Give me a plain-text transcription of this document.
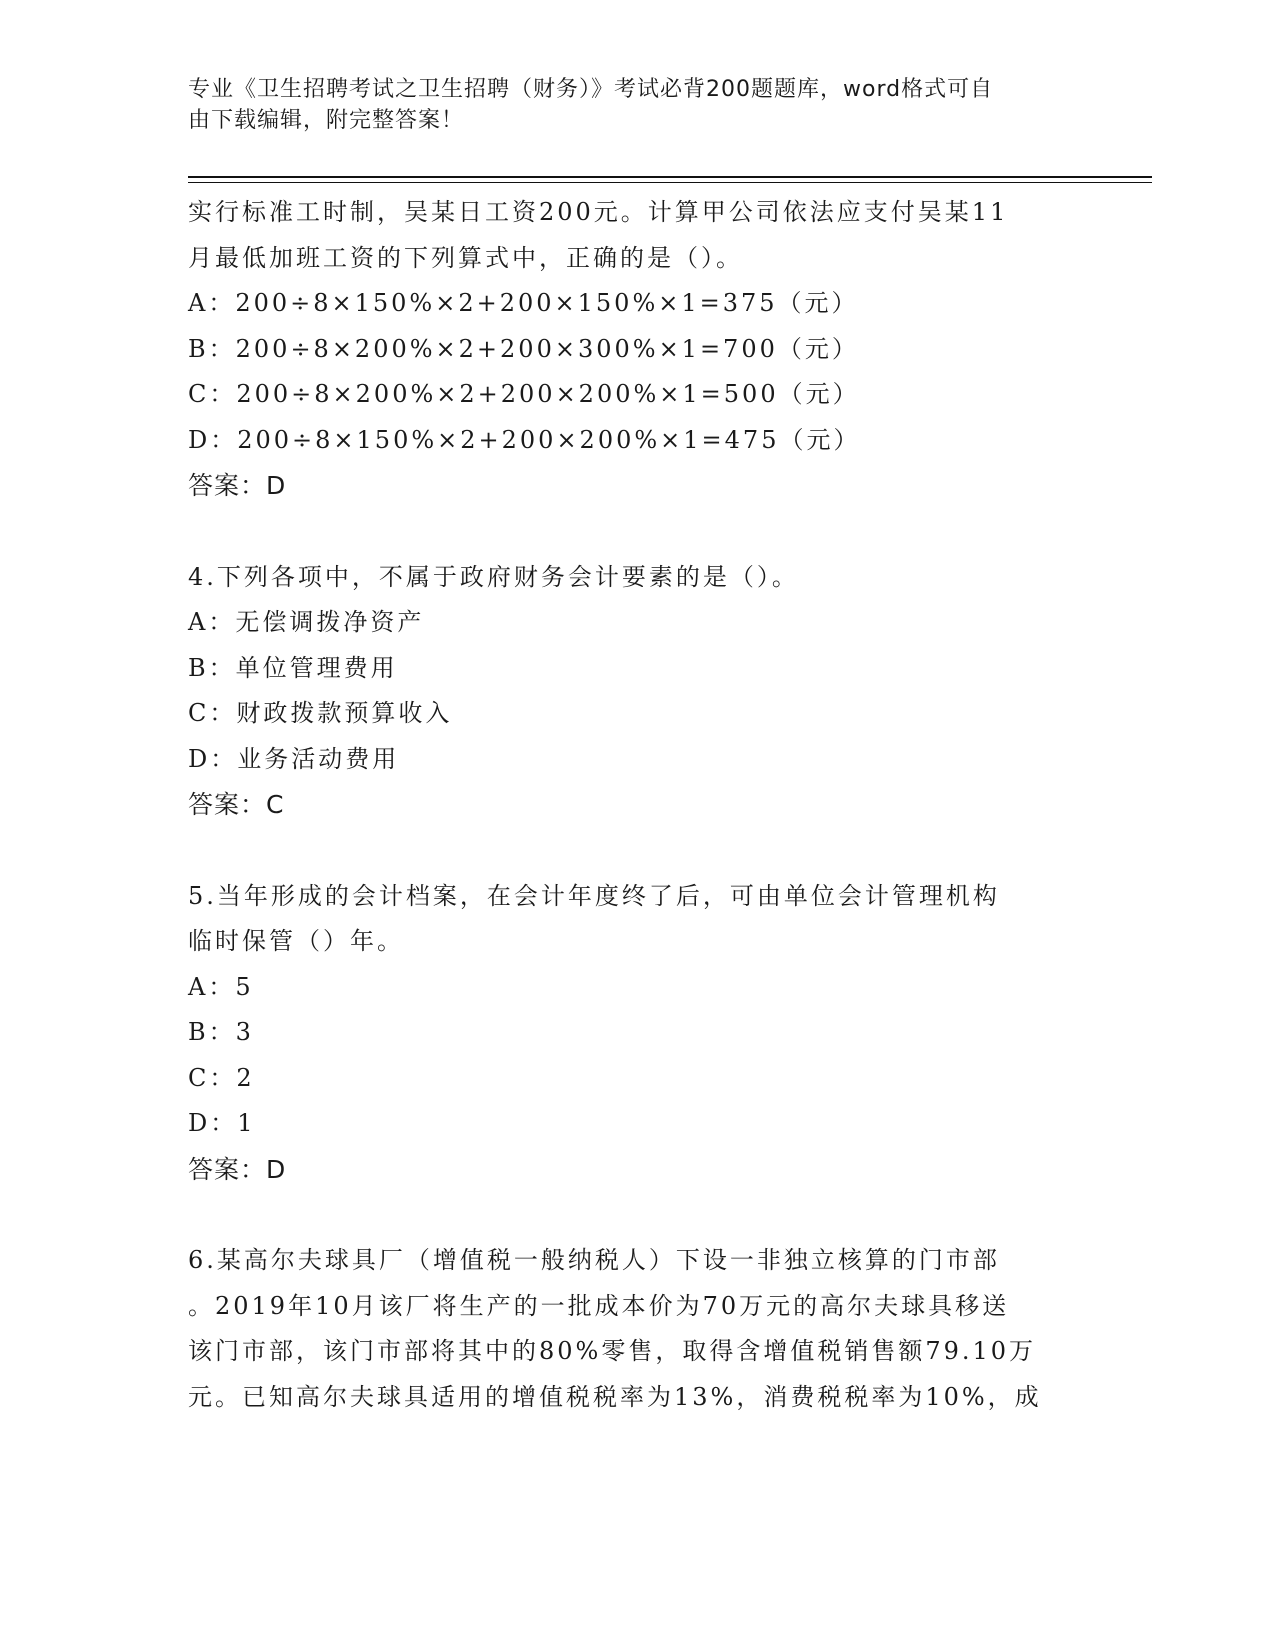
专业《卫生招聘考试之卫生招聘（财务）》考试必背200题题库，word格式可自
由下载编辑，附完整答案！
实行标准工时制，吴某日工资200元。计算甲公司依法应支付吴某11
月最低加班工资的下列算式中，正确的是（）。
A：200÷8×150%×2+200×150%×1=375（元）
B：200÷8×200%×2+200×300%×1=700（元）
C：200÷8×200%×2+200×200%×1=500（元）
D：200÷8×150%×2+200×200%×1=475（元）
答案：D
4.下列各项中，不属于政府财务会计要素的是（）。
A：无偿调拨净资产
B：单位管理费用
C：财政拨款预算收入
D：业务活动费用
答案：C
5.当年形成的会计档案，在会计年度终了后，可由单位会计管理机构
临时保管（）年。
A：5
B：3
C：2
D：1
答案：D
6.某高尔夫球具厂（增值税一般纳税人）下设一非独立核算的门市部
。2019年10月该厂将生产的一批成本价为70万元的高尔夫球具移送
该门市部，该门市部将其中的80%零售，取得含增值税销售额79.10万
元。已知高尔夫球具适用的增值税税率为13%，消费税税率为10%，成
